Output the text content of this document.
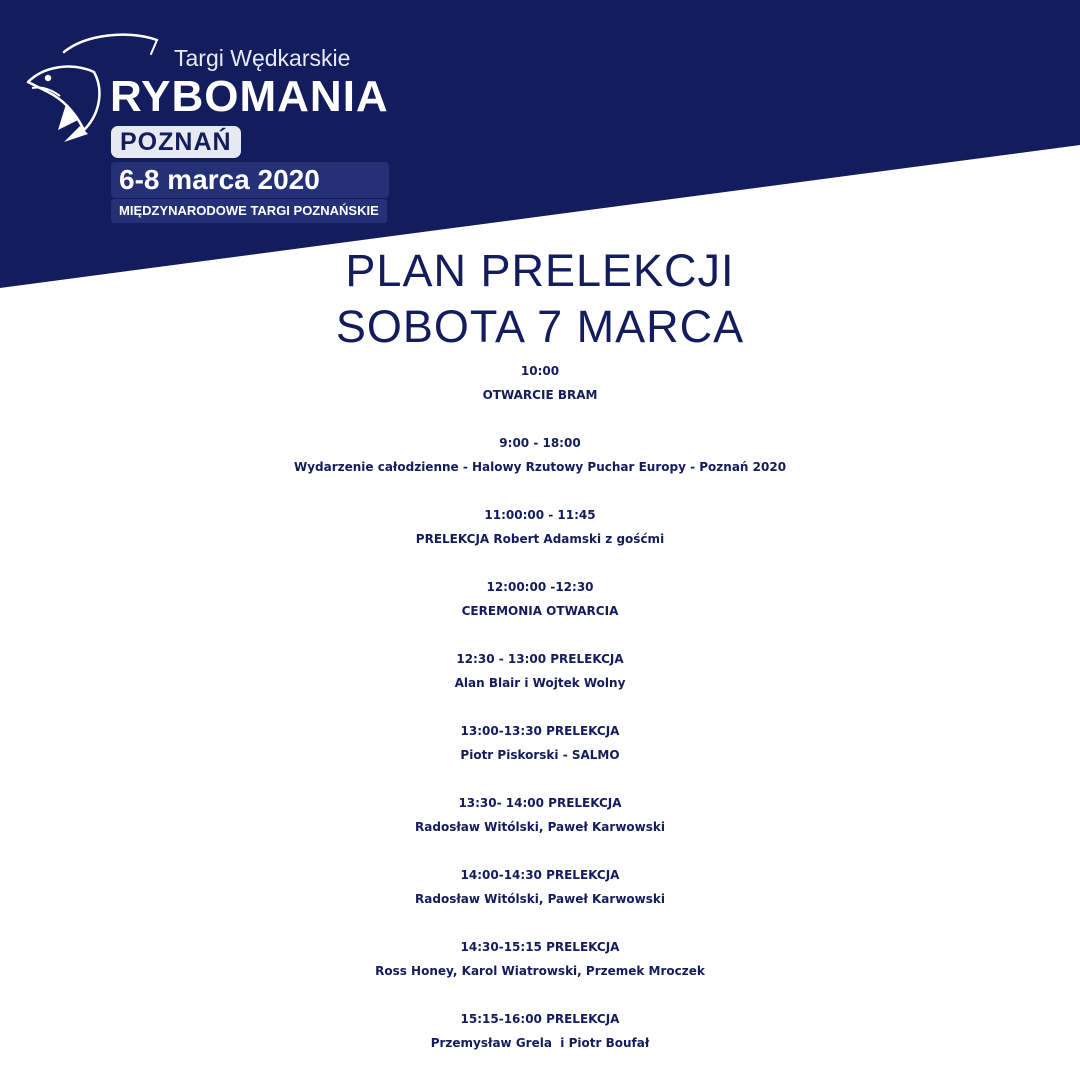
Targi Wędkarskie
RYBOMANIA
POZNAŃ
6-8 marca 2020
MIĘDZYNARODOWE TARGI POZNAŃSKIE
PLAN PRELEKCJI
SOBOTA 7 MARCA
10:00
OTWARCIE BRAM
9:00 - 18:00
Wydarzenie całodzienne - Halowy Rzutowy Puchar Europy - Poznań 2020
11:00:00 - 11:45
PRELEKCJA Robert Adamski z gośćmi
12:00:00 -12:30
CEREMONIA OTWARCIA
12:30 - 13:00 PRELEKCJA
Alan Blair i Wojtek Wolny
13:00-13:30 PRELEKCJA
Piotr Piskorski - SALMO
13:30- 14:00 PRELEKCJA
Radosław Witólski, Paweł Karwowski
14:00-14:30 PRELEKCJA
Radosław Witólski, Paweł Karwowski
14:30-15:15 PRELEKCJA
Ross Honey, Karol Wiatrowski, Przemek Mroczek
15:15-16:00 PRELEKCJA
Przemysław Grela  i Piotr Boufał
